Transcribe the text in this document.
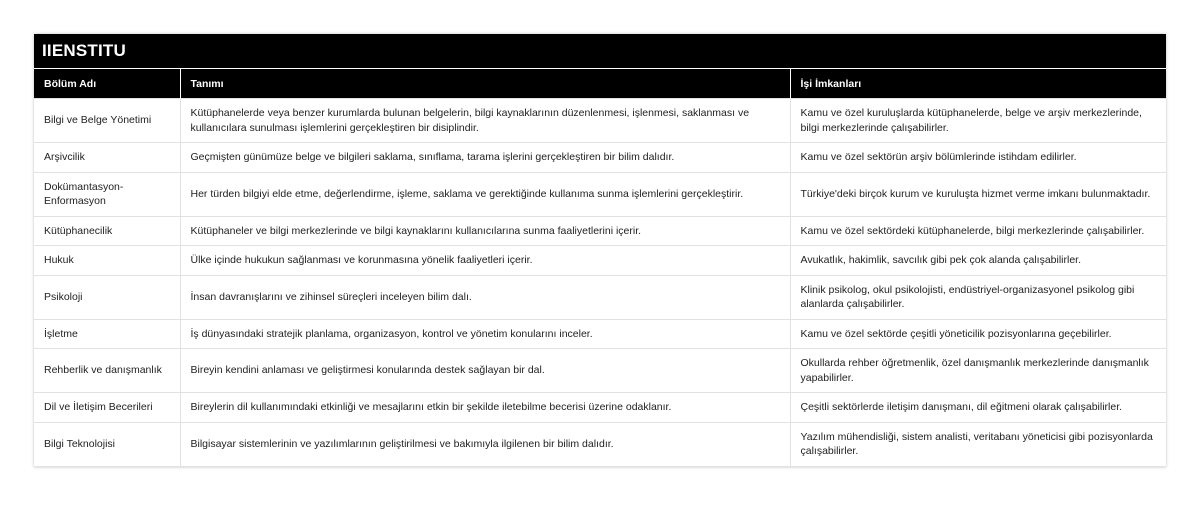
IIENSTITU
Bölüm Adı	Tanımı	İşi İmkanları
Bilgi ve Belge Yönetimi	Kütüphanelerde veya benzer kurumlarda bulunan belgelerin, bilgi kaynaklarının düzenlenmesi, işlenmesi, saklanması ve kullanıcılara sunulması işlemlerini gerçekleştiren bir disiplindir.	Kamu ve özel kuruluşlarda kütüphanelerde, belge ve arşiv merkezlerinde, bilgi merkezlerinde çalışabilirler.
Arşivcilik	Geçmişten günümüze belge ve bilgileri saklama, sınıflama, tarama işlerini gerçekleştiren bir bilim dalıdır.	Kamu ve özel sektörün arşiv bölümlerinde istihdam edilirler.
Dokümantasyon-Enformasyon	Her türden bilgiyi elde etme, değerlendirme, işleme, saklama ve gerektiğinde kullanıma sunma işlemlerini gerçekleştirir.	Türkiye'deki birçok kurum ve kuruluşta hizmet verme imkanı bulunmaktadır.
Kütüphanecilik	Kütüphaneler ve bilgi merkezlerinde ve bilgi kaynaklarını kullanıcılarına sunma faaliyetlerini içerir.	Kamu ve özel sektördeki kütüphanelerde, bilgi merkezlerinde çalışabilirler.
Hukuk	Ülke içinde hukukun sağlanması ve korunmasına yönelik faaliyetleri içerir.	Avukatlık, hakimlik, savcılık gibi pek çok alanda çalışabilirler.
Psikoloji	İnsan davranışlarını ve zihinsel süreçleri inceleyen bilim dalı.	Klinik psikolog, okul psikolojisti, endüstriyel-organizasyonel psikolog gibi alanlarda çalışabilirler.
İşletme	İş dünyasındaki stratejik planlama, organizasyon, kontrol ve yönetim konularını inceler.	Kamu ve özel sektörde çeşitli yöneticilik pozisyonlarına geçebilirler.
Rehberlik ve danışmanlık	Bireyin kendini anlaması ve geliştirmesi konularında destek sağlayan bir dal.	Okullarda rehber öğretmenlik, özel danışmanlık merkezlerinde danışmanlık yapabilirler.
Dil ve İletişim Becerileri	Bireylerin dil kullanımındaki etkinliği ve mesajlarını etkin bir şekilde iletebilme becerisi üzerine odaklanır.	Çeşitli sektörlerde iletişim danışmanı, dil eğitmeni olarak çalışabilirler.
Bilgi Teknolojisi	Bilgisayar sistemlerinin ve yazılımlarının geliştirilmesi ve bakımıyla ilgilenen bir bilim dalıdır.	Yazılım mühendisliği, sistem analisti, veritabanı yöneticisi gibi pozisyonlarda çalışabilirler.
